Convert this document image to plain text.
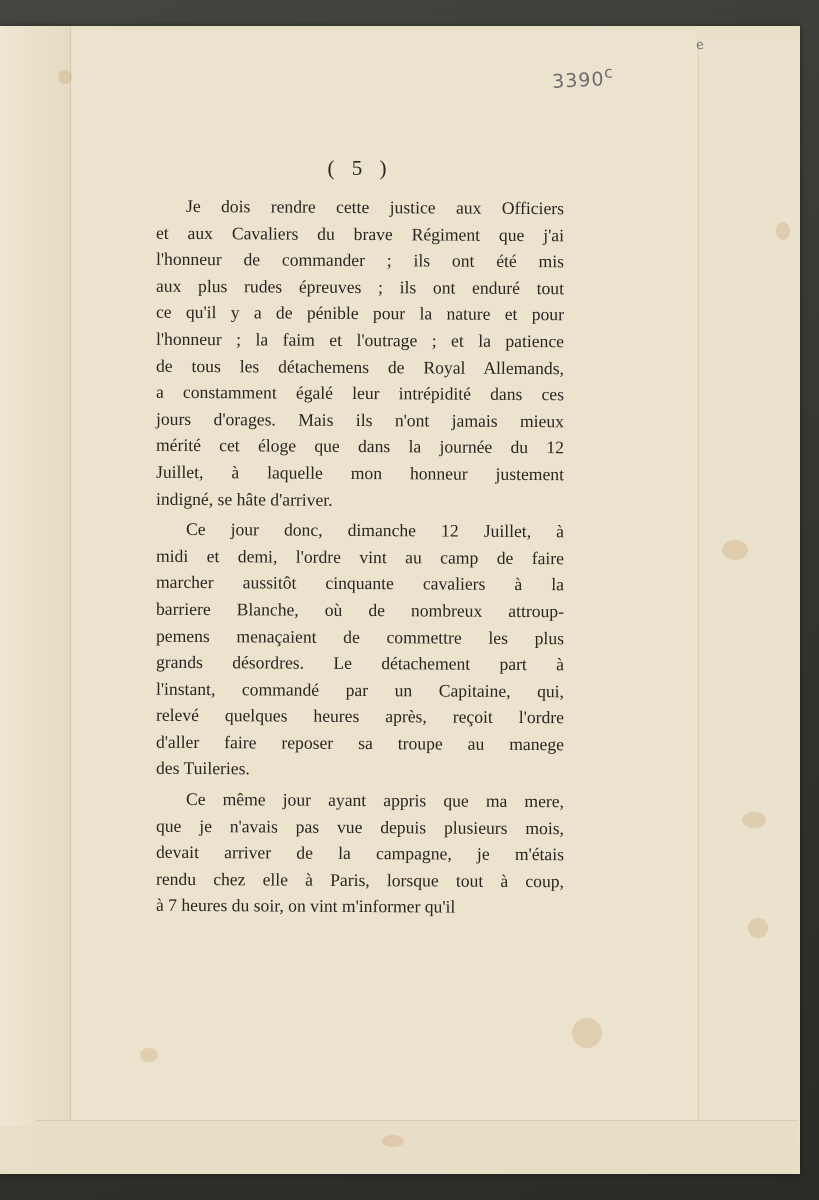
3390$^c$
e
( 5 )
Je dois rendre cette justice aux Officiers
et aux Cavaliers du brave Régiment que j'ai
l'honneur de commander ; ils ont été mis
aux plus rudes épreuves ; ils ont enduré tout
ce qu'il y a de pénible pour la nature et pour
l'honneur ; la faim et l'outrage ; et la patience
de tous les détachemens de Royal Allemands,
a constamment égalé leur intrépidité dans ces
jours d'orages. Mais ils n'ont jamais mieux
mérité cet éloge que dans la journée du 12
Juillet, à laquelle mon honneur justement
indigné, se hâte d'arriver.
Ce jour donc, dimanche 12 Juillet, à
midi et demi, l'ordre vint au camp de faire
marcher aussitôt cinquante cavaliers à la
barriere Blanche, où de nombreux attroup-
pemens menaçaient de commettre les plus
grands désordres. Le détachement part à
l'instant, commandé par un Capitaine, qui,
relevé quelques heures après, reçoit l'ordre
d'aller faire reposer sa troupe au manege
des Tuileries.
Ce même jour ayant appris que ma mere,
que je n'avais pas vue depuis plusieurs mois,
devait arriver de la campagne, je m'étais
rendu chez elle à Paris, lorsque tout à coup,
à 7 heures du soir, on vint m'informer qu'il
